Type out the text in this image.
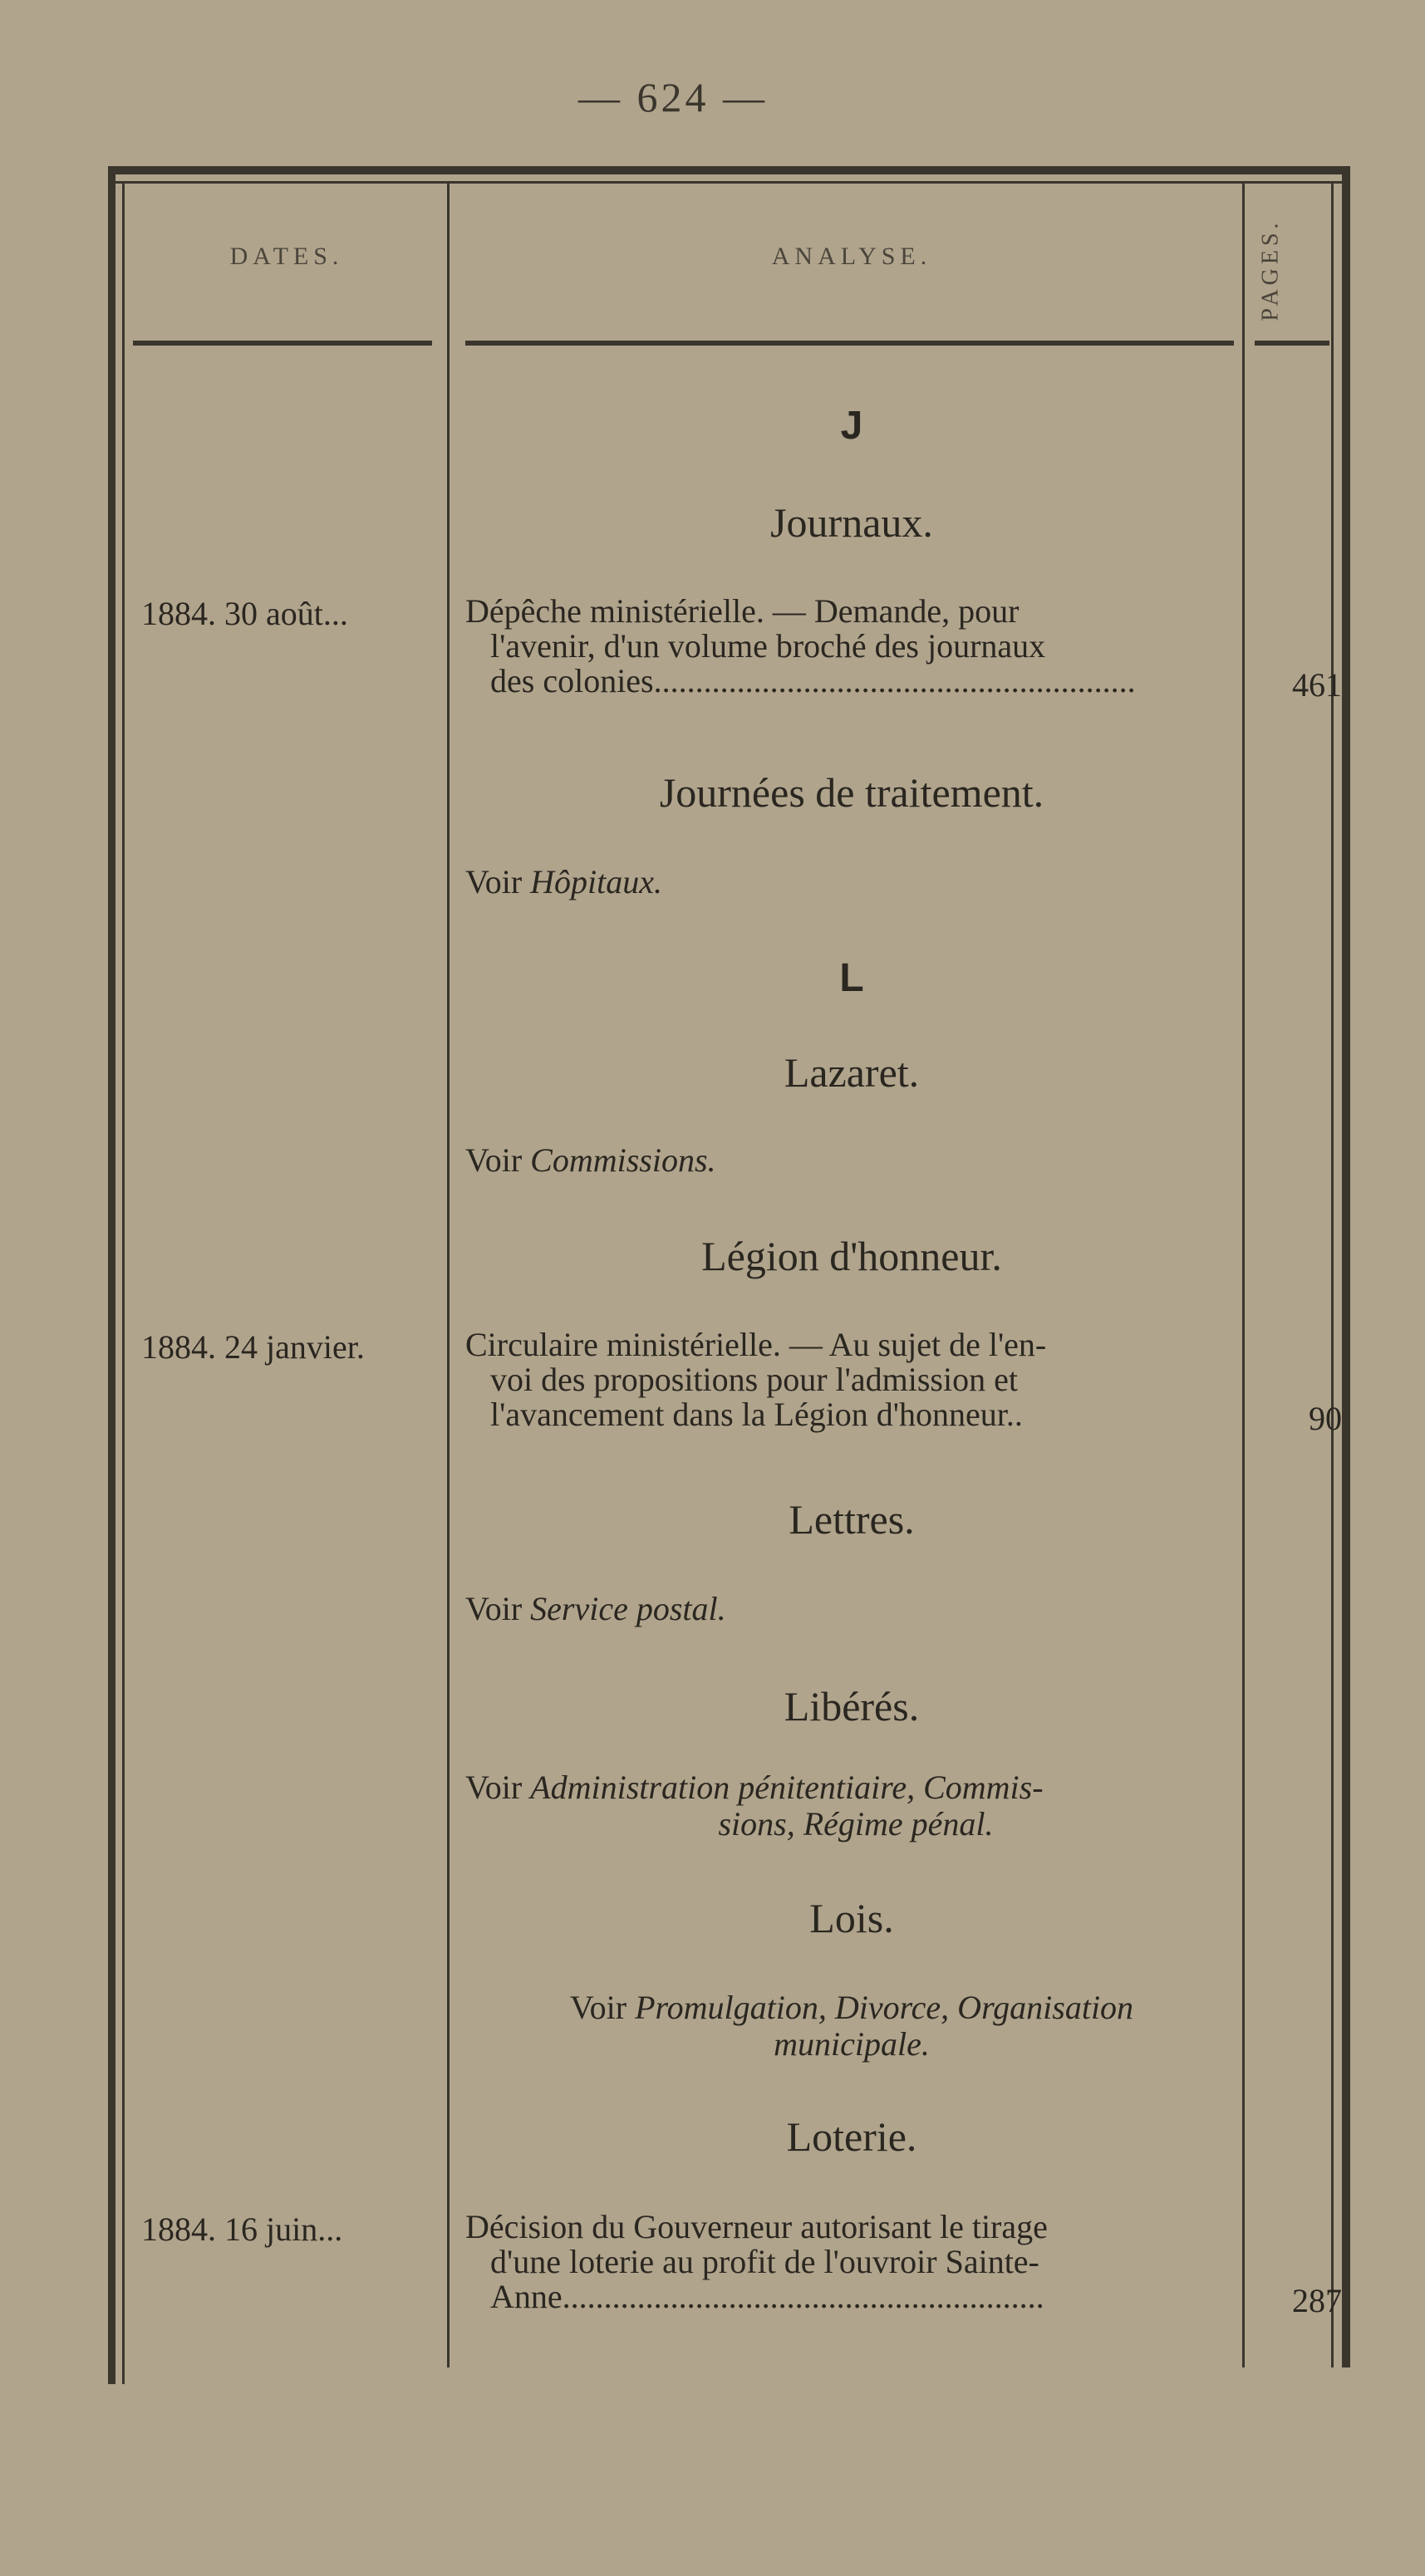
— 624 —
DATES.	ANALYSE.	PAGES.
J
Journaux.
1884. 30 août...	Dépêche ministérielle. — Demande, pour

l'avenir, d'un volume broché des journaux

des colonies ..........................................................	461
Journées de traitement.
Voir Hôpitaux.
L
Lazaret.
Voir Commissions.
Légion d'honneur.
1884. 24 janvier.	Circulaire ministérielle. — Au sujet de l'en-

voi des propositions pour l'admission et

l'avancement dans la Légion d'honneur..	90
Lettres.
Voir Service postal.
Libérés.
Voir Administration pénitentiaire, Commis-
sions, Régime pénal.
Lois.
Voir Promulgation, Divorce, Organisation
municipale.
Loterie.
1884. 16 juin...	Décision du Gouverneur autorisant le tirage

d'une loterie au profit de l'ouvroir Sainte-

Anne ..........................................................	287
